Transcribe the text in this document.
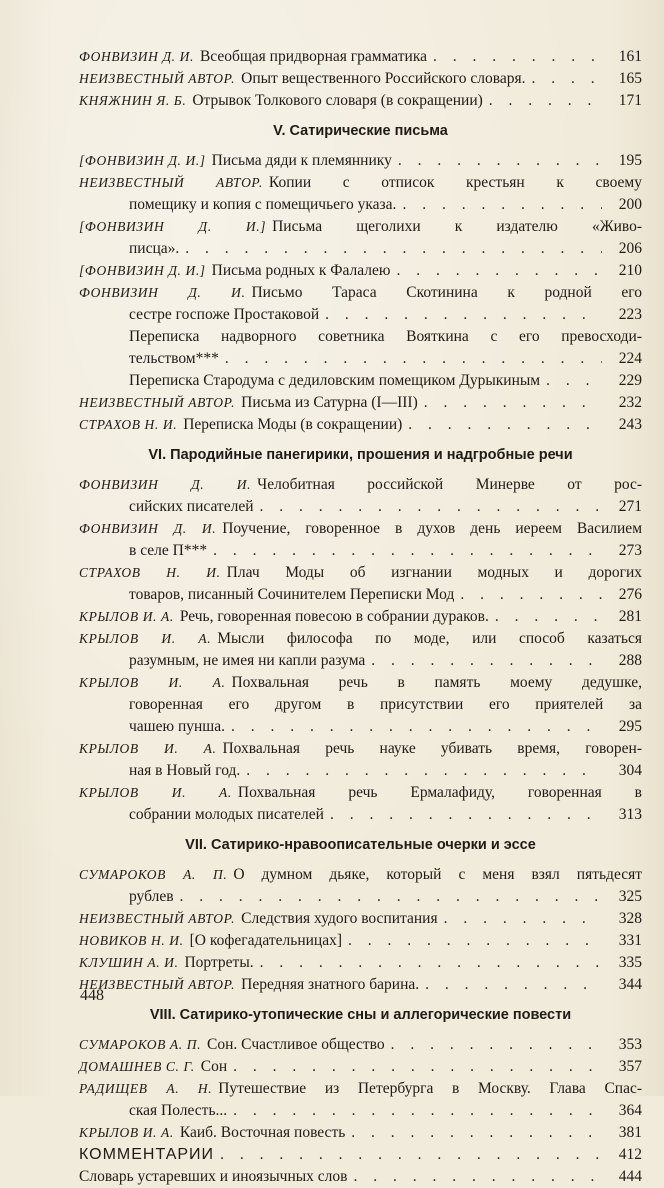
ФОНВИЗИН Д. И. Всеобщая придворная грамматика . . .	161
НЕИЗВЕСТНЫЙ АВТОР. Опыт вещественного Российского словаря. . . .	165
КНЯЖНИН Я. Б. Отрывок Толкового словаря (в сокращении) . . .	171
V. Сатирические письма
[ФОНВИЗИН Д. И.] Письма дяди к племяннику . . .	195
НЕИЗВЕСТНЫЙ АВТОР. Копии с отписок крестьян к своему
помещику и копия с помещичьего указа. . . .	200
[ФОНВИЗИН Д. И.] Письма щеголихи к издателю «Живо-
писца». . . .	206
[ФОНВИЗИН Д. И.] Письма родных к Фалалею . . .	210
ФОНВИЗИН Д. И. Письмо Тараса Скотинина к родной его
сестре госпоже Простаковой . . .	223
Переписка надворного советника Вояткина с его превосходи-
тельством*** . . .	224
Переписка Стародума с дедиловским помещиком Дурыкиным . . .	229
НЕИЗВЕСТНЫЙ АВТОР. Письма из Сатурна (I—III) . . .	232
СТРАХОВ Н. И. Переписка Моды (в сокращении) . . .	243
VI. Пародийные панегирики, прошения и надгробные речи
ФОНВИЗИН Д. И. Челобитная российской Минерве от рос-
сийских писателей . . .	271
ФОНВИЗИН Д. И. Поучение, говоренное в духов день иереем Василием
в селе П*** . . .	273
СТРАХОВ Н. И. Плач Моды об изгнании модных и дорогих
товаров, писанный Сочинителем Переписки Мод . . .	276
КРЫЛОВ И. А. Речь, говоренная повесою в собрании дураков. . . .	281
КРЫЛОВ И. А. Мысли философа по моде, или способ казаться
разумным, не имея ни капли разума . . .	288
КРЫЛОВ И. А. Похвальная речь в память моему дедушке,
говоренная его другом в присутствии его приятелей за
чашею пунша. . . .	295
КРЫЛОВ И. А. Похвальная речь науке убивать время, говорен-
ная в Новый год. . . .	304
КРЫЛОВ И. А. Похвальная речь Ермалафиду, говоренная в
собрании молодых писателей . . .	313
VII. Сатирико-нравоописательные очерки и эссе
СУМАРОКОВ А. П. О думном дьяке, который с меня взял пятьдесят
рублев . . .	325
НЕИЗВЕСТНЫЙ АВТОР. Следствия худого воспитания . . .	328
НОВИКОВ Н. И. [О кофегадательницах] . . .	331
КЛУШИН А. И. Портреты. . . .	335
НЕИЗВЕСТНЫЙ АВТОР. Передняя знатного барина. . . .	344
VIII. Сатирико-утопические сны и аллегорические повести
СУМАРОКОВ А. П. Сон. Счастливое общество . . .	353
ДОМАШНЕВ С. Г. Сон . . .	357
РАДИЩЕВ А. Н. Путешествие из Петербурга в Москву. Глава Спас-
ская Полесть... . . .	364
КРЫЛОВ И. А. Каиб. Восточная повесть . . .	381
КОММЕНТАРИИ . . .	412
Словарь устаревших и иноязычных слов . . .	444
448
